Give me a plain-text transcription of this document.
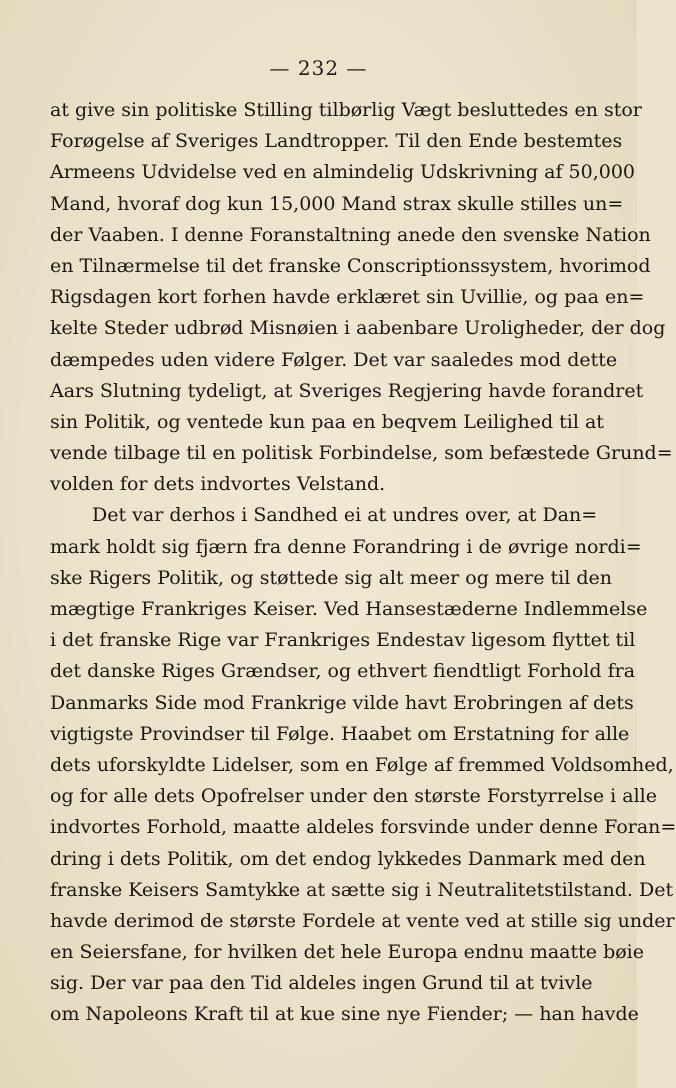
— 232 —
at give sin politiske Stilling tilbørlig Vægt besluttedes en stor
Forøgelse af Sveriges Landtropper. Til den Ende bestemtes
Armeens Udvidelse ved en almindelig Udskrivning af 50,000
Mand, hvoraf dog kun 15,000 Mand strax skulle stilles un=
der Vaaben. I denne Foranstaltning anede den svenske Nation
en Tilnærmelse til det franske Conscriptionssystem, hvorimod
Rigsdagen kort forhen havde erklæret sin Uvillie, og paa en=
kelte Steder udbrød Misnøien i aabenbare Uroligheder, der dog
dæmpedes uden videre Følger. Det var saaledes mod dette
Aars Slutning tydeligt, at Sveriges Regjering havde forandret
sin Politik, og ventede kun paa en beqvem Leilighed til at
vende tilbage til en politisk Forbindelse, som befæstede Grund=
volden for dets indvortes Velstand.
Det var derhos i Sandhed ei at undres over, at Dan=
mark holdt sig fjærn fra denne Forandring i de øvrige nordi=
ske Rigers Politik, og støttede sig alt meer og mere til den
mægtige Frankriges Keiser. Ved Hansestæderne Indlemmelse
i det franske Rige var Frankriges Endestav ligesom flyttet til
det danske Riges Grændser, og ethvert fiendtligt Forhold fra
Danmarks Side mod Frankrige vilde havt Erobringen af dets
vigtigste Provindser til Følge. Haabet om Erstatning for alle
dets uforskyldte Lidelser, som en Følge af fremmed Voldsomhed,
og for alle dets Opofrelser under den største Forstyrrelse i alle
indvortes Forhold, maatte aldeles forsvinde under denne Foran=
dring i dets Politik, om det endog lykkedes Danmark med den
franske Keisers Samtykke at sætte sig i Neutralitetstilstand. Det
havde derimod de største Fordele at vente ved at stille sig under
en Seiersfane, for hvilken det hele Europa endnu maatte bøie
sig. Der var paa den Tid aldeles ingen Grund til at tvivle
om Napoleons Kraft til at kue sine nye Fiender; — han havde
